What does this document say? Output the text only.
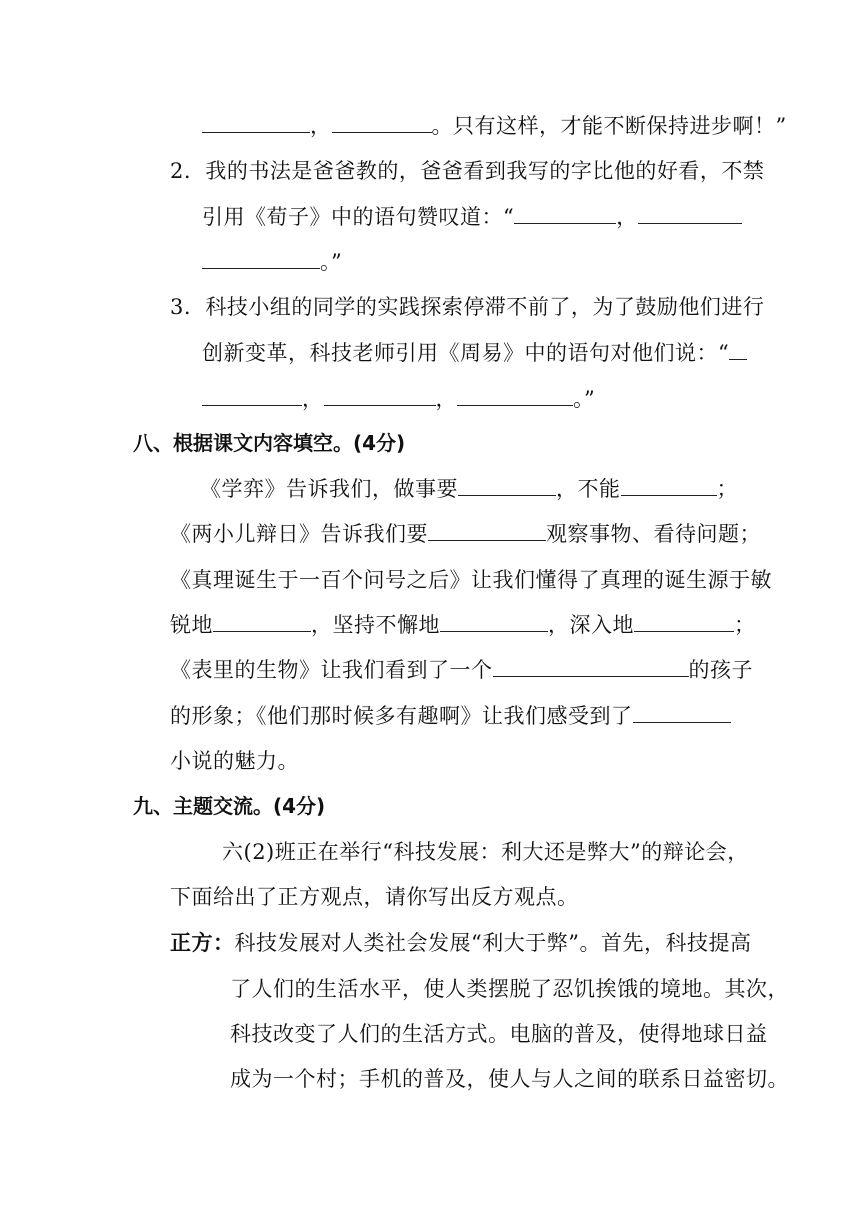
，	。只有这样，才能不断保持进步啊！”
2. 我的书法是爸爸教的，爸爸看到我写的字比他的好看，不禁
引用《荀子》中的语句赞叹道：“	，
。”
3. 科技小组的同学的实践探索停滞不前了，为了鼓励他们进行
创新变革，科技老师引用《周易》中的语句对他们说：“
，	，	。”
八、根据课文内容填空。(4分)
《学弈》告诉我们，做事要	，不能	；
《两小儿辩日》告诉我们要	观察事物、看待问题；
《真理诞生于一百个问号之后》让我们懂得了真理的诞生源于敏
锐地	，坚持不懈地	，深入地	；
《表里的生物》让我们看到了一个	的孩子
的形象；《他们那时候多有趣啊》让我们感受到了
小说的魅力。
九、主题交流。(4分)
六(2)班正在举行“科技发展：利大还是弊大”的辩论会，
下面给出了正方观点，请你写出反方观点。
正方：科技发展对人类社会发展“利大于弊”。首先，科技提高
了人们的生活水平，使人类摆脱了忍饥挨饿的境地。其次，
科技改变了人们的生活方式。电脑的普及，使得地球日益
成为一个村；手机的普及，使人与人之间的联系日益密切。
